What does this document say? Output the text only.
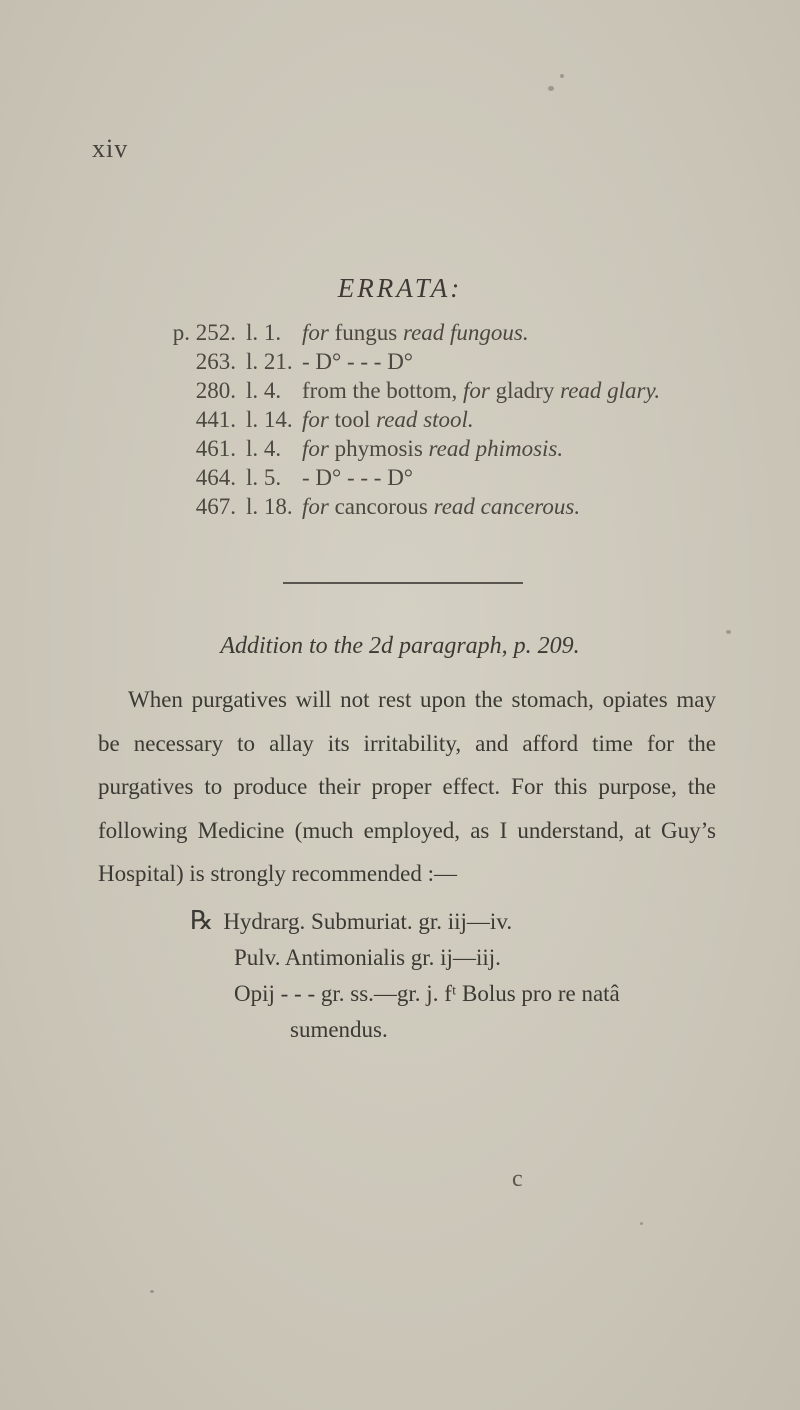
xiv
ERRATA:
p. 252. l. 1. for fungus read fungous.
263. l. 21. - D° - - - D°
280. l. 4. from the bottom, for gladry read glary.
441. l. 14. for tool read stool.
461. l. 4. for phymosis read phimosis.
464. l. 5. - D° - - - D°
467. l. 18. for cancorous read cancerous.
Addition to the 2d paragraph, p. 209.

When purgatives will not rest upon the stomach, opiates may be necessary to allay its irritability, and afford time for the purgatives to produce their proper effect. For this purpose, the following Medicine (much employed, as I understand, at Guy’s Hospital) is strongly recommended :—

℞ Hydrarg. Submuriat. gr. iij—iv.
Pulv. Antimonialis gr. ij—iij.
Opij - - - gr. ss.—gr. j. fᵗ Bolus pro re natâ
sumendus.
c
